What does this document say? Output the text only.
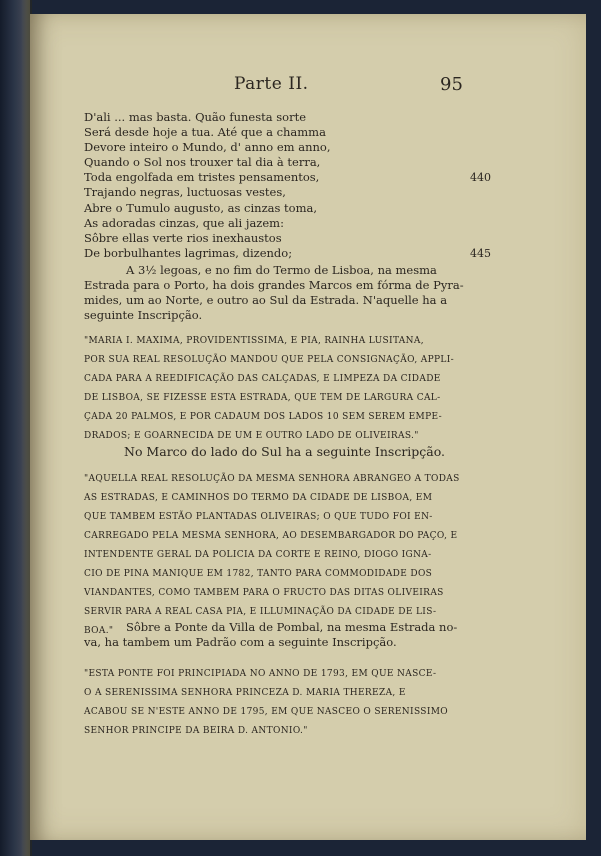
Parte II.	95
D'ali ... mas basta. Quão funesta sorte
Será desde hoje a tua. Até que a chamma
Devore inteiro o Mundo, d' anno em anno,
Quando o Sol nos trouxer tal dia à terra,
Toda engolfada em tristes pensamentos,	440
Trajando negras, luctuosas vestes,
Abre o Tumulo augusto, as cinzas toma,
As adoradas cinzas, que ali jazem:
Sôbre ellas verte rios inexhaustos
De borbulhantes lagrimas, dizendo;	445
A 3½ legoas, e no fim do Termo de Lisboa, na mesma
Estrada para o Porto, ha dois grandes Marcos em fórma de Pyra-
mides, um ao Norte, e outro ao Sul da Estrada. N'aquelle ha a
seguinte Inscripção.
"MARIA I. MAXIMA, PROVIDENTISSIMA, E PIA, RAINHA LUSITANA,
POR SUA REAL RESOLUÇÃO MANDOU QUE PELA CONSIGNAÇÃO, APPLI-
CADA PARA A REEDIFICAÇÃO DAS CALÇADAS, E LIMPEZA DA CIDADE
DE LISBOA, SE FIZESSE ESTA ESTRADA, QUE TEM DE LARGURA CAL-
ÇADA 20 PALMOS, E POR CADAUM DOS LADOS 10 SEM SEREM EMPE-
DRADOS; E GOARNECIDA DE UM E OUTRO LADO DE OLIVEIRAS."
No Marco do lado do Sul ha a seguinte Inscripção.
"AQUELLA REAL RESOLUÇÃO DA MESMA SENHORA ABRANGEO A TODAS
AS ESTRADAS, E CAMINHOS DO TERMO DA CIDADE DE LISBOA, EM
QUE TAMBEM ESTÃO PLANTADAS OLIVEIRAS; O QUE TUDO FOI EN-
CARREGADO PELA MESMA SENHORA, AO DESEMBARGADOR DO PAÇO, E
INTENDENTE GERAL DA POLICIA DA CORTE E REINO, DIOGO IGNA-
CIO DE PINA MANIQUE EM 1782, TANTO PARA COMMODIDADE DOS
VIANDANTES, COMO TAMBEM PARA O FRUCTO DAS DITAS OLIVEIRAS
SERVIR PARA A REAL CASA PIA, E ILLUMINAÇÃO DA CIDADE DE LIS-
BOA."	Sôbre a Ponte da Villa de Pombal, na mesma Estrada no-
va, ha tambem um Padrão com a seguinte Inscripção.
"ESTA PONTE FOI PRINCIPIADA NO ANNO DE 1793, EM QUE NASCE-
O A SERENISSIMA SENHORA PRINCEZA D. MARIA THEREZA, E
ACABOU SE N'ESTE ANNO DE 1795, EM QUE NASCEO O SERENISSIMO
SENHOR PRINCIPE DA BEIRA D. ANTONIO."
